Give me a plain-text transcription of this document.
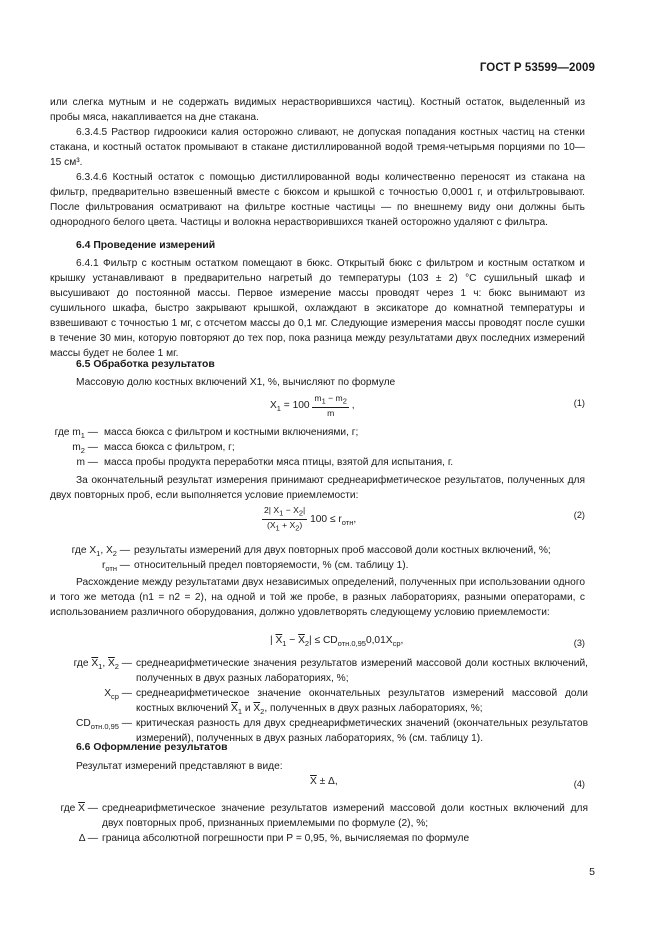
ГОСТ Р 53599—2009
или слегка мутным и не содержать видимых нерастворившихся частиц). Костный остаток, выделенный из пробы мяса, накапливается на дне стакана.
6.3.4.5 Раствор гидроокиси калия осторожно сливают, не допуская попадания костных частиц на стенки стакана, и костный остаток промывают в стакане дистиллированной водой тремя-четырьмя порциями по 10—15 см³.
6.3.4.6 Костный остаток с помощью дистиллированной воды количественно переносят из стакана на фильтр, предварительно взвешенный вместе с бюксом и крышкой с точностью 0,0001 г, и отфильтровывают. После фильтрования осматривают на фильтре костные частицы — по внешнему виду они должны быть однородного белого цвета. Частицы и волокна нерастворившихся тканей осторожно удаляют с фильтра.
6.4 Проведение измерений
6.4.1 Фильтр с костным остатком помещают в бюкс. Открытый бюкс с фильтром и костным остатком и крышку устанавливают в предварительно нагретый до температуры (103 ± 2) °С сушильный шкаф и высушивают до постоянной массы. Первое измерение массы проводят через 1 ч: бюкс вынимают из сушильного шкафа, быстро закрывают крышкой, охлаждают в эксикаторе до комнатной температуры и взвешивают с точностью 1 мг, с отсчетом массы до 0,1 мг. Следующие измерения массы проводят после сушки в течение 30 мин, которую повторяют до тех пор, пока разница между результатами двух последних измерений массы будет не более 1 мг.
6.5 Обработка результатов
Массовую долю костных включений X1, %, вычисляют по формуле
$X_1 = 100 \frac{m_1 - m_2}{m}$ ,	(1)
где $m_1$ — масса бюкса с фильтром и костными включениями, г;
$m_2$ — масса бюкса с фильтром, г;
m — масса пробы продукта переработки мяса птицы, взятой для испытания, г.
За окончательный результат измерения принимают среднеарифметическое результатов, полученных для двух повторных проб, если выполняется условие приемлемости:
$\frac{2| X_1 - X_2|}{(X_1 + X_2)} 100 \le r_{отн}$,	(2)
где $X_1$, $X_2$ — результаты измерений для двух повторных проб массовой доли костных включений, %;
$r_{отн}$ — относительный предел повторяемости, % (см. таблицу 1).
Расхождение между результатами двух независимых определений, полученных при использовании одного и того же метода (n1 = n2 = 2), на одной и той же пробе, в разных лабораториях, разными операторами, с использованием различного оборудования, должно удовлетворять следующему условию приемлемости:
| $\overline{X}_1 - \overline{X}_2| \le CD_{отн.0,95}0,01X_{ср}$,	(3)
где $\overline{X}_1$, $\overline{X}_2$ — среднеарифметические значения результатов измерений массовой доли костных включений, полученных в двух разных лабораториях, %;
$X_{ср}$ — среднеарифметическое значение окончательных результатов измерений массовой доли костных включений $\overline{X}_1$ и $\overline{X}_2$, полученных в двух разных лабораториях, %;
$CD_{отн.0,95}$ — критическая разность для двух среднеарифметических значений (окончательных результатов измерений), полученных в двух разных лабораториях, % (см. таблицу 1).
6.6 Оформление результатов
Результат измерений представляют в виде:
$\overline{X} \pm \Delta$,	(4)
где $\overline{X}$ — среднеарифметическое значение результатов измерений массовой доли костных включений для двух повторных проб, признанных приемлемыми по формуле (2), %;
Δ — граница абсолютной погрешности при Р = 0,95, %, вычисляемая по формуле
5
